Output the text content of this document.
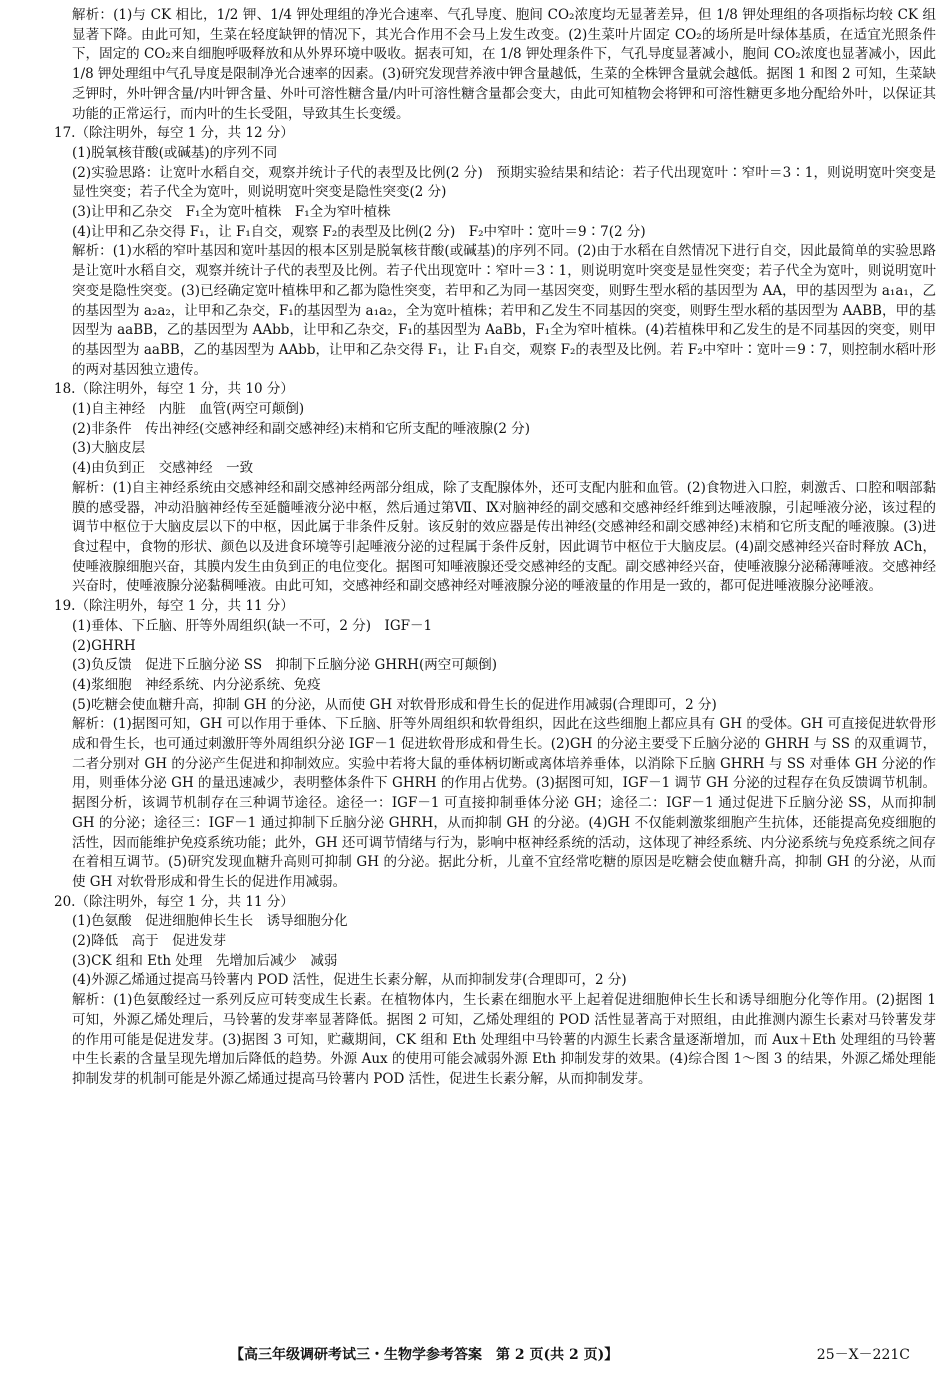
解析：(1)与 CK 相比，1/2 钾、1/4 钾处理组的净光合速率、气孔导度、胞间 CO₂浓度均无显著差异，但 1/8 钾处理组的各项指标均较 CK 组显著下降。由此可知，生菜在轻度缺钾的情况下，其光合作用不会马上发生改变。(2)生菜叶片固定 CO₂的场所是叶绿体基质，在适宜光照条件下，固定的 CO₂来自细胞呼吸释放和从外界环境中吸收。据表可知，在 1/8 钾处理条件下，气孔导度显著减小，胞间 CO₂浓度也显著减小，因此 1/8 钾处理组中气孔导度是限制净光合速率的因素。(3)研究发现营养液中钾含量越低，生菜的全株钾含量就会越低。据图 1 和图 2 可知，生菜缺乏钾时，外叶钾含量/内叶钾含量、外叶可溶性糖含量/内叶可溶性糖含量都会变大，由此可知植物会将钾和可溶性糖更多地分配给外叶，以保证其功能的正常运行，而内叶的生长受阻，导致其生长变缓。

17.（除注明外，每空 1 分，共 12 分）

(1)脱氧核苷酸(或碱基)的序列不同

(2)实验思路：让宽叶水稻自交，观察并统计子代的表型及比例(2 分)　预期实验结果和结论：若子代出现宽叶∶窄叶＝3∶1，则说明宽叶突变是显性突变；若子代全为宽叶，则说明宽叶突变是隐性突变(2 分)

(3)让甲和乙杂交　F₁全为宽叶植株　F₁全为窄叶植株

(4)让甲和乙杂交得 F₁，让 F₁自交，观察 F₂的表型及比例(2 分)　F₂中窄叶∶宽叶＝9∶7(2 分)

解析：(1)水稻的窄叶基因和宽叶基因的根本区别是脱氧核苷酸(或碱基)的序列不同。(2)由于水稻在自然情况下进行自交，因此最简单的实验思路是让宽叶水稻自交，观察并统计子代的表型及比例。若子代出现宽叶∶窄叶＝3∶1，则说明宽叶突变是显性突变；若子代全为宽叶，则说明宽叶突变是隐性突变。(3)已经确定宽叶植株甲和乙都为隐性突变，若甲和乙为同一基因突变，则野生型水稻的基因型为 AA，甲的基因型为 a₁a₁，乙的基因型为 a₂a₂，让甲和乙杂交，F₁的基因型为 a₁a₂，全为宽叶植株；若甲和乙发生不同基因的突变，则野生型水稻的基因型为 AABB，甲的基因型为 aaBB，乙的基因型为 AAbb，让甲和乙杂交，F₁的基因型为 AaBb，F₁全为窄叶植株。(4)若植株甲和乙发生的是不同基因的突变，则甲的基因型为 aaBB，乙的基因型为 AAbb，让甲和乙杂交得 F₁，让 F₁自交，观察 F₂的表型及比例。若 F₂中窄叶∶宽叶＝9∶7，则控制水稻叶形的两对基因独立遗传。

18.（除注明外，每空 1 分，共 10 分）

(1)自主神经　内脏　血管(两空可颠倒)

(2)非条件　传出神经(交感神经和副交感神经)末梢和它所支配的唾液腺(2 分)

(3)大脑皮层

(4)由负到正　交感神经　一致

解析：(1)自主神经系统由交感神经和副交感神经两部分组成，除了支配腺体外，还可支配内脏和血管。(2)食物进入口腔，刺激舌、口腔和咽部黏膜的感受器，冲动沿脑神经传至延髓唾液分泌中枢，然后通过第Ⅶ、Ⅸ对脑神经的副交感和交感神经纤维到达唾液腺，引起唾液分泌，该过程的调节中枢位于大脑皮层以下的中枢，因此属于非条件反射。该反射的效应器是传出神经(交感神经和副交感神经)末梢和它所支配的唾液腺。(3)进食过程中，食物的形状、颜色以及进食环境等引起唾液分泌的过程属于条件反射，因此调节中枢位于大脑皮层。(4)副交感神经兴奋时释放 ACh，使唾液腺细胞兴奋，其膜内发生由负到正的电位变化。据图可知唾液腺还受交感神经的支配。副交感神经兴奋，使唾液腺分泌稀薄唾液。交感神经兴奋时，使唾液腺分泌黏稠唾液。由此可知，交感神经和副交感神经对唾液腺分泌的唾液量的作用是一致的，都可促进唾液腺分泌唾液。

19.（除注明外，每空 1 分，共 11 分）

(1)垂体、下丘脑、肝等外周组织(缺一不可，2 分)　IGF－1

(2)GHRH

(3)负反馈　促进下丘脑分泌 SS　抑制下丘脑分泌 GHRH(两空可颠倒)

(4)浆细胞　神经系统、内分泌系统、免疫

(5)吃糖会使血糖升高，抑制 GH 的分泌，从而使 GH 对软骨形成和骨生长的促进作用减弱(合理即可，2 分)

解析：(1)据图可知，GH 可以作用于垂体、下丘脑、肝等外周组织和软骨组织，因此在这些细胞上都应具有 GH 的受体。GH 可直接促进软骨形成和骨生长，也可通过刺激肝等外周组织分泌 IGF－1 促进软骨形成和骨生长。(2)GH 的分泌主要受下丘脑分泌的 GHRH 与 SS 的双重调节，二者分别对 GH 的分泌产生促进和抑制效应。实验中若将大鼠的垂体柄切断或离体培养垂体，以消除下丘脑 GHRH 与 SS 对垂体 GH 分泌的作用，则垂体分泌 GH 的量迅速减少，表明整体条件下 GHRH 的作用占优势。(3)据图可知，IGF－1 调节 GH 分泌的过程存在负反馈调节机制。据图分析，该调节机制存在三种调节途径。途径一：IGF－1 可直接抑制垂体分泌 GH；途径二：IGF－1 通过促进下丘脑分泌 SS，从而抑制 GH 的分泌；途径三：IGF－1 通过抑制下丘脑分泌 GHRH，从而抑制 GH 的分泌。(4)GH 不仅能刺激浆细胞产生抗体，还能提高免疫细胞的活性，因而能维护免疫系统功能；此外，GH 还可调节情绪与行为，影响中枢神经系统的活动，这体现了神经系统、内分泌系统与免疫系统之间存在着相互调节。(5)研究发现血糖升高则可抑制 GH 的分泌。据此分析，儿童不宜经常吃糖的原因是吃糖会使血糖升高，抑制 GH 的分泌，从而使 GH 对软骨形成和骨生长的促进作用减弱。

20.（除注明外，每空 1 分，共 11 分）

(1)色氨酸　促进细胞伸长生长　诱导细胞分化

(2)降低　高于　促进发芽

(3)CK 组和 Eth 处理　先增加后减少　减弱

(4)外源乙烯通过提高马铃薯内 POD 活性，促进生长素分解，从而抑制发芽(合理即可，2 分)

解析：(1)色氨酸经过一系列反应可转变成生长素。在植物体内，生长素在细胞水平上起着促进细胞伸长生长和诱导细胞分化等作用。(2)据图 1 可知，外源乙烯处理后，马铃薯的发芽率显著降低。据图 2 可知，乙烯处理组的 POD 活性显著高于对照组，由此推测内源生长素对马铃薯发芽的作用可能是促进发芽。(3)据图 3 可知，贮藏期间，CK 组和 Eth 处理组中马铃薯的内源生长素含量逐渐增加，而 Aux＋Eth 处理组的马铃薯中生长素的含量呈现先增加后降低的趋势。外源 Aux 的使用可能会减弱外源 Eth 抑制发芽的效果。(4)综合图 1～图 3 的结果，外源乙烯处理能抑制发芽的机制可能是外源乙烯通过提高马铃薯内 POD 活性，促进生长素分解，从而抑制发芽。

【高三年级调研考试三・生物学参考答案　第 2 页(共 2 页)】	25－X－221C
